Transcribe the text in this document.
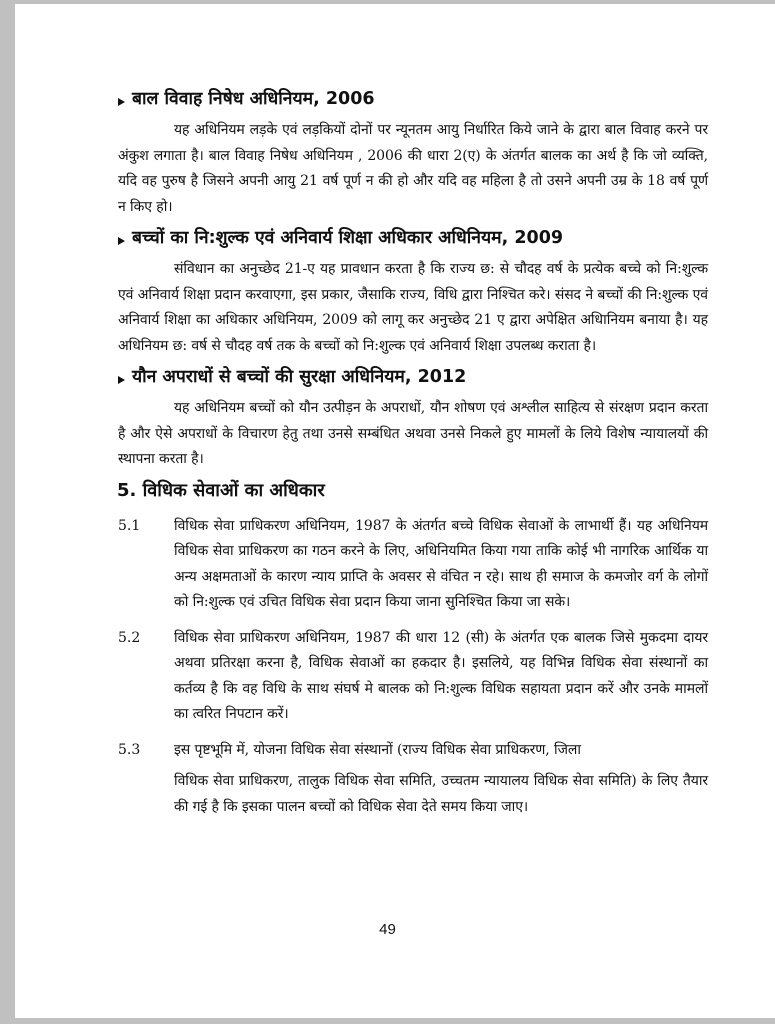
बाल विवाह निषेध अधिनियम, 2006

यह अधिनियम लड़के एवं लड़कियों दोनों पर न्यूनतम आयु निर्धारित किये जाने के द्वारा बाल विवाह करने पर अंकुश लगाता है। बाल विवाह निषेध अधिनियम , 2006 की धारा 2(ए) के अंतर्गत बालक का अर्थ है कि जो व्यक्ति, यदि वह पुरुष है जिसने अपनी आयु 21 वर्ष पूर्ण न की हो और यदि वह महिला है तो उसने अपनी उम्र के 18 वर्ष पूर्ण न किए हो।

बच्चों का नि:शुल्क एवं अनिवार्य शिक्षा अधिकार अधिनियम, 2009

संविधान का अनुच्छेद 21-ए यह प्रावधान करता है कि राज्य छ: से चौदह वर्ष के प्रत्येक बच्चे को नि:शुल्क एवं अनिवार्य शिक्षा प्रदान करवाएगा, इस प्रकार, जैसाकि राज्य, विधि द्वारा निश्चित करे। संसद ने बच्चों की नि:शुल्क एवं अनिवार्य शिक्षा का अधिकार अधिनियम, 2009 को लागू कर अनुच्छेद 21 ए द्वारा अपेक्षित अधिानियम बनाया है। यह अधिनियम छ: वर्ष से चौदह वर्ष तक के बच्चों को नि:शुल्क एवं अनिवार्य शिक्षा उपलब्ध कराता है।

यौन अपराधों से बच्चों की सुरक्षा अधिनियम, 2012

यह अधिनियम बच्चों को यौन उत्पीड़न के अपराधों, यौन शोषण एवं अश्लील साहित्य से संरक्षण प्रदान करता है और ऐसे अपराधों के विचारण हेतु तथा उनसे सम्बंधित अथवा उनसे निकले हुए मामलों के लिये विशेष न्यायालयों की स्थापना करता है।

5. विधिक सेवाओं का अधिकार
5.1	विधिक सेवा प्राधिकरण अधिनियम, 1987 के अंतर्गत बच्चे विधिक सेवाओं के लाभार्थी हैं। यह अधिनियम विधिक सेवा प्राधिकरण का गठन करने के लिए, अधिनियमित किया गया ताकि कोई भी नागरिक आर्थिक या अन्य अक्षमताओं के कारण न्याय प्राप्ति के अवसर से वंचित न रहे। साथ ही समाज के कमजोर वर्ग के लोगों को नि:शुल्क एवं उचित विधिक सेवा प्रदान किया जाना सुनिश्चित किया जा सके।
5.2	विधिक सेवा प्राधिकरण अधिनियम, 1987 की धारा 12 (सी) के अंतर्गत एक बालक जिसे मुकदमा दायर अथवा प्रतिरक्षा करना है, विधिक सेवाओं का हकदार है। इसलिये, यह विभिन्न विधिक सेवा संस्थानों का कर्तव्य है कि वह विधि के साथ संघर्ष मे बालक को नि:शुल्क विधिक सहायता प्रदान करें और उनके मामलों का त्वरित निपटान करें।
5.3	इस पृष्टभूमि में, योजना विधिक सेवा संस्थानों (राज्य विधिक सेवा प्राधिकरण, जिला
विधिक सेवा प्राधिकरण, तालुक विधिक सेवा समिति, उच्चतम न्यायालय विधिक सेवा समिति) के लिए तैयार की गई है कि इसका पालन बच्चों को विधिक सेवा देते समय किया जाए।
49
